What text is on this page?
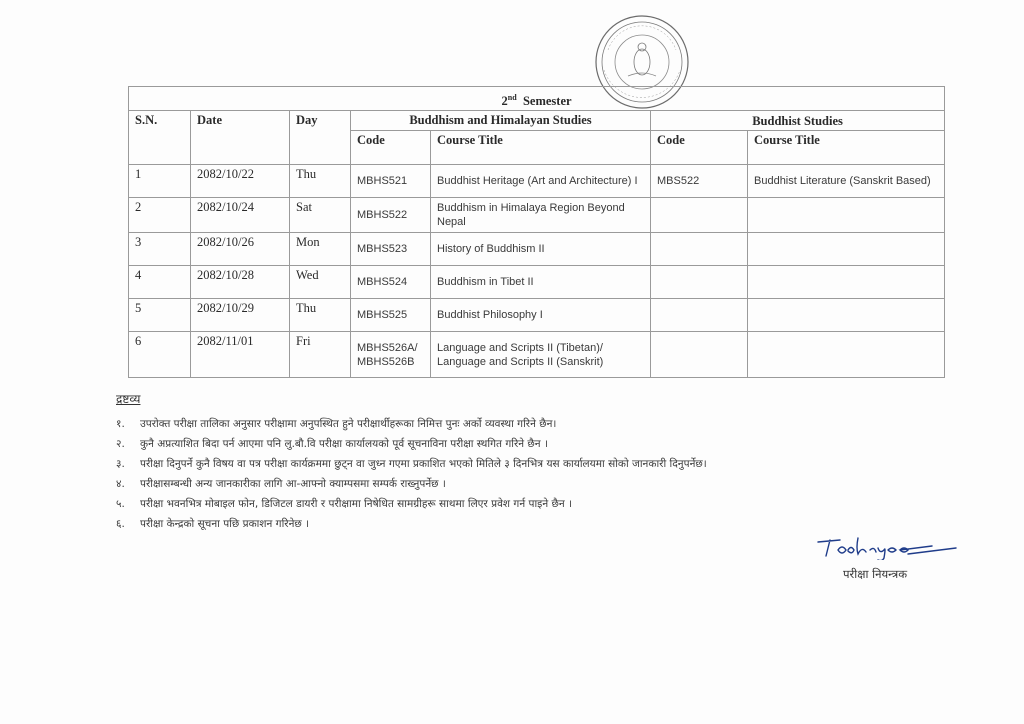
2nd Semester						
S.N.	Date	Day	Buddhism and Himalayan Studies		Buddhist Studies	
			Code	Course Title	Code	Course Title
1	2082/10/22	Thu	MBHS521	Buddhist Heritage (Art and Architecture) I	MBS522	Buddhist Literature (Sanskrit Based)
2	2082/10/24	Sat	MBHS522	Buddhism in Himalaya Region Beyond Nepal		
3	2082/10/26	Mon	MBHS523	History of Buddhism II		
4	2082/10/28	Wed	MBHS524	Buddhism in Tibet II		
5	2082/10/29	Thu	MBHS525	Buddhist Philosophy I		
6	2082/11/01	Fri	MBHS526A/ MBHS526B	Language and Scripts II (Tibetan)/ Language and Scripts II (Sanskrit)		
द्रष्टव्य
१. उपरोक्त परीक्षा तालिका अनुसार परीक्षामा अनुपस्थित हुने परीक्षार्थीहरूका निमित्त पुनः अर्को व्यवस्था गरिने छैन।
२. कुनै अप्रत्याशित बिदा पर्न आएमा पनि लु.बौ.वि परीक्षा कार्यालयको पूर्व सूचनाविना परीक्षा स्थगित गरिने छैन ।
३. परीक्षा दिनुपर्ने कुनै विषय वा पत्र परीक्षा कार्यक्रममा छुट्न वा जुध्न गएमा प्रकाशित भएको मितिले ३ दिनभित्र यस कार्यालयमा सोको जानकारी दिनुपर्नेछ।
४. परीक्षासम्बन्धी अन्य जानकारीका लागि आ-आफ्नो क्याम्पसमा सम्पर्क राख्नुपर्नेछ ।
५. परीक्षा भवनभित्र मोबाइल फोन, डिजिटल डायरी र परीक्षामा निषेधित सामग्रीहरू साथमा लिएर प्रवेश गर्न पाइने छैन ।
६. परीक्षा केन्द्रको सूचना पछि प्रकाशन गरिनेछ ।
परीक्षा नियन्त्रक
